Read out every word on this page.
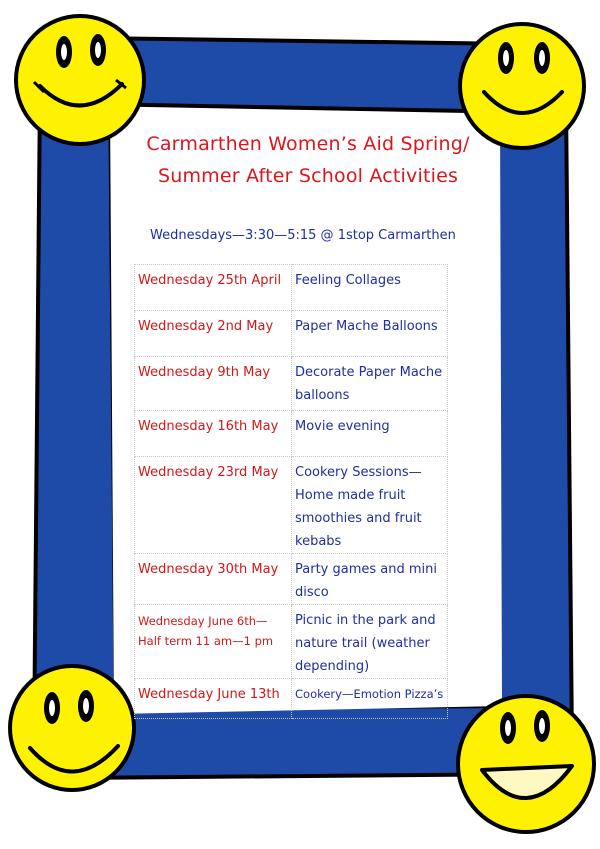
Carmarthen Women’s Aid Spring/
Summer After School Activities
Wednesdays—3:30—5:15 @ 1stop Carmarthen
Wednesday 25th April	Feeling Collages
Wednesday 2nd May	Paper Mache Balloons
Wednesday 9th May	Decorate Paper Mache balloons
Wednesday 16th May	Movie evening
Wednesday 23rd May	Cookery Sessions—Home made fruit smoothies and fruit kebabs
Wednesday 30th May	Party games and mini disco
Wednesday June 6th—Half term 11 am—1 pm	Picnic in the park and nature trail (weather depending)
Wednesday June 13th	Cookery—Emotion Pizza’s
